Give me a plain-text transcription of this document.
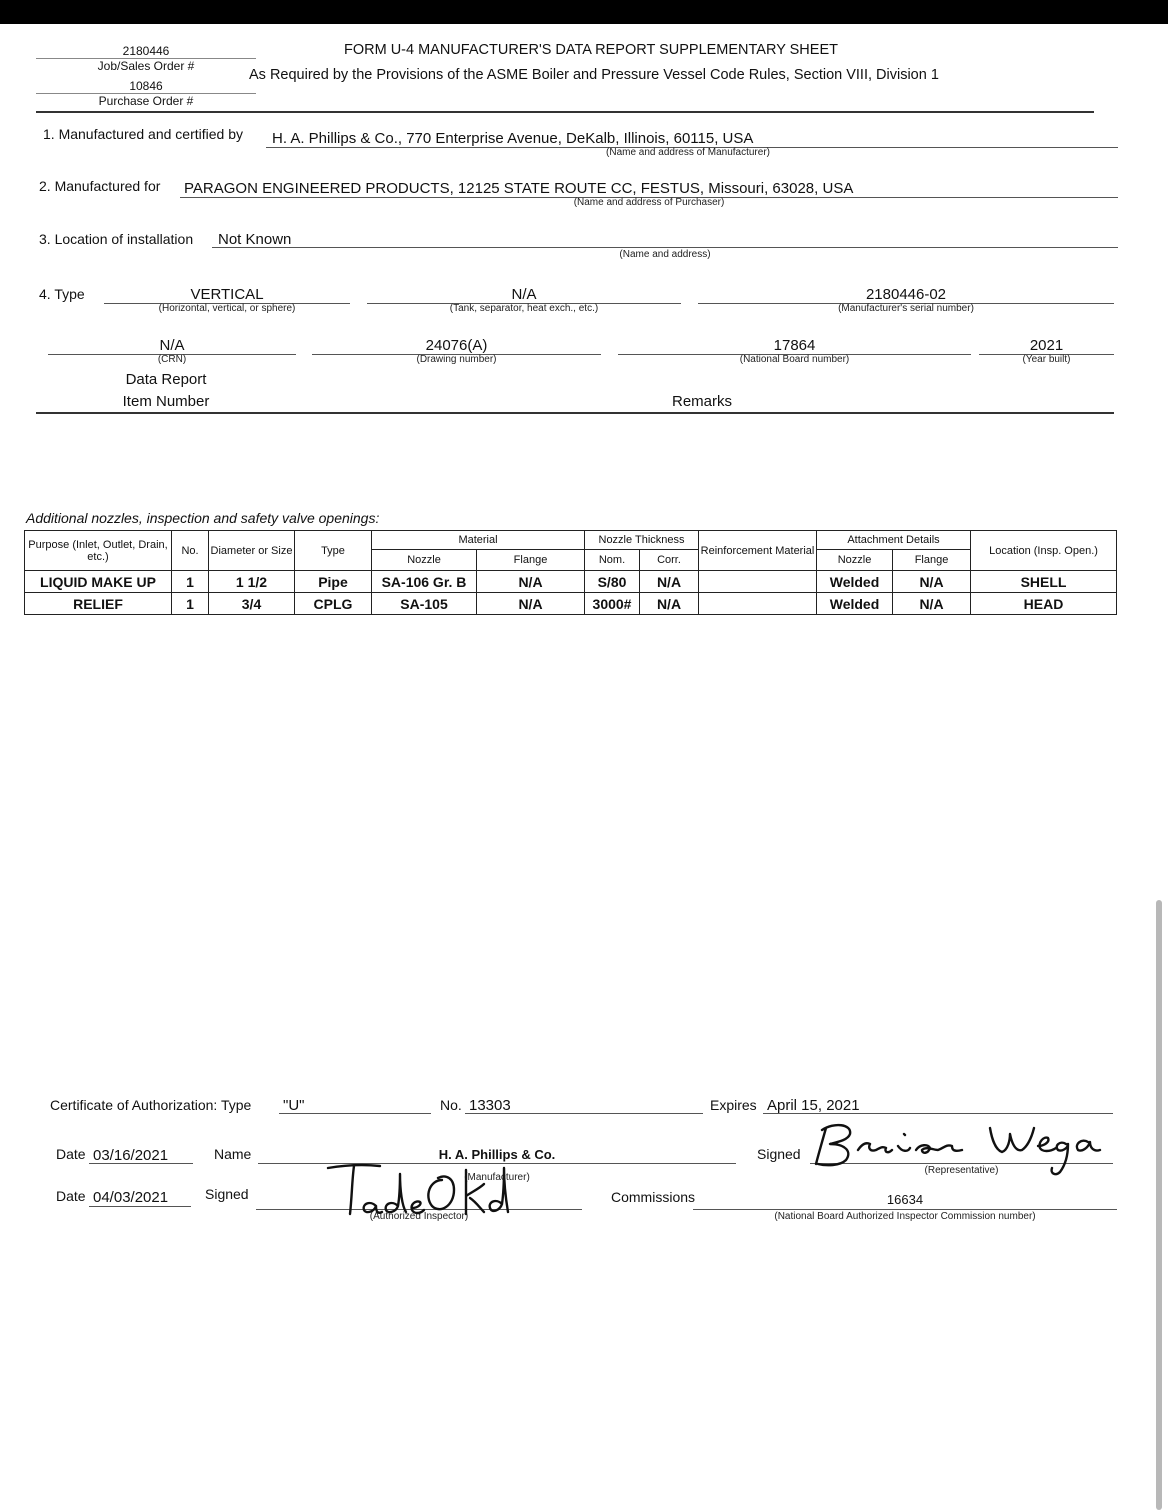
2180446
Job/Sales Order #
10846
Purchase Order #
FORM U-4 MANUFACTURER'S DATA REPORT SUPPLEMENTARY SHEET
As Required by the Provisions of the ASME Boiler and Pressure Vessel Code Rules, Section VIII, Division 1
1. Manufactured and certified by H. A. Phillips & Co., 770 Enterprise Avenue, DeKalb, Illinois, 60115, USA
(Name and address of Manufacturer)
2. Manufactured for PARAGON ENGINEERED PRODUCTS, 12125 STATE ROUTE CC, FESTUS, Missouri, 63028, USA
(Name and address of Purchaser)
3. Location of installation Not Known
(Name and address)
4. Type	VERTICAL
(Horizontal, vertical, or sphere)
N/A
(Tank, separator, heat exch., etc.)
2180446-02
(Manufacturer's serial number)
N/A
(CRN)
24076(A)
(Drawing number)
17864
(National Board number)
2021
(Year built)
Data Report
Item Number	Remarks
Additional nozzles, inspection and safety valve openings:
Purpose (Inlet, Outlet, Drain, etc.)	No.	Diameter or Size	Type	Material		Nozzle Thickness		Reinforcement Material	Attachment Details		Location (Insp. Open.)
				Nozzle	Flange	Nom.	Corr.		Nozzle	Flange	
LIQUID MAKE UP	1	1 1/2	Pipe	SA-106 Gr. B	N/A	S/80	N/A		Welded	N/A	SHELL
RELIEF	1	3/4	CPLG	SA-105	N/A	3000#	N/A		Welded	N/A	HEAD
Certificate of Authorization: Type "U"	No. 13303	Expires April 15, 2021
Date 03/16/2021	Name	H. A. Phillips & Co.
(Manufacturer)
Signed
(Representative)
Date 04/03/2021	Signed
(Authorized Inspector)
Commissions	16634
(National Board Authorized Inspector Commission number)
